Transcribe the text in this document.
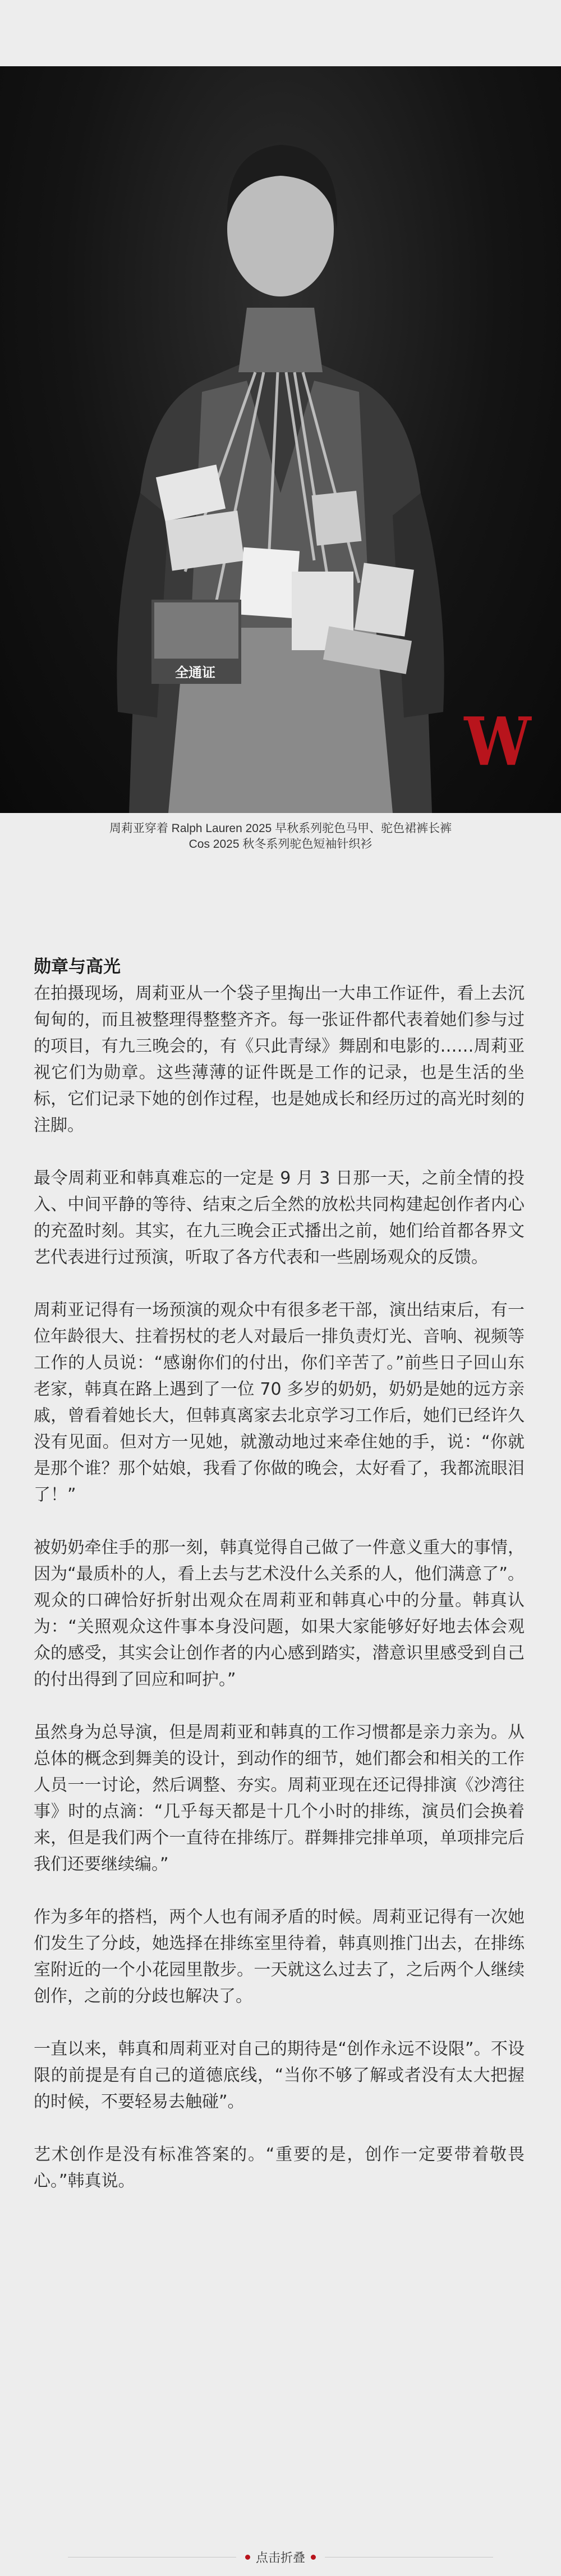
全通证
W
周莉亚穿着 Ralph Lauren 2025 早秋系列驼色马甲、驼色裙裤长裤
Cos 2025 秋冬系列驼色短袖针织衫
勋章与高光

在拍摄现场，周莉亚从一个袋子里掏出一大串工作证件，看上去沉甸甸的，而且被整理得整整齐齐。每一张证件都代表着她们参与过的项目，有九三晚会的，有《只此青绿》舞剧和电影的……周莉亚视它们为勋章。这些薄薄的证件既是工作的记录，也是生活的坐标，它们记录下她的创作过程，也是她成长和经历过的高光时刻的注脚。

最令周莉亚和韩真难忘的一定是 9 月 3 日那一天，之前全情的投入、中间平静的等待、结束之后全然的放松共同构建起创作者内心的充盈时刻。其实，在九三晚会正式播出之前，她们给首都各界文艺代表进行过预演，听取了各方代表和一些剧场观众的反馈。

周莉亚记得有一场预演的观众中有很多老干部，演出结束后，有一位年龄很大、拄着拐杖的老人对最后一排负责灯光、音响、视频等工作的人员说：“感谢你们的付出，你们辛苦了。”前些日子回山东老家，韩真在路上遇到了一位 70 多岁的奶奶，奶奶是她的远方亲戚，曾看着她长大，但韩真离家去北京学习工作后，她们已经许久没有见面。但对方一见她，就激动地过来牵住她的手，说：“你就是那个谁？那个姑娘，我看了你做的晚会，太好看了，我都流眼泪了！”

被奶奶牵住手的那一刻，韩真觉得自己做了一件意义重大的事情，因为“最质朴的人，看上去与艺术没什么关系的人，他们满意了”。观众的口碑恰好折射出观众在周莉亚和韩真心中的分量。韩真认为：“关照观众这件事本身没问题，如果大家能够好好地去体会观众的感受，其实会让创作者的内心感到踏实，潜意识里感受到自己的付出得到了回应和呵护。”

虽然身为总导演，但是周莉亚和韩真的工作习惯都是亲力亲为。从总体的概念到舞美的设计，到动作的细节，她们都会和相关的工作人员一一讨论，然后调整、夯实。周莉亚现在还记得排演《沙湾往事》时的点滴：“几乎每天都是十几个小时的排练，演员们会换着来，但是我们两个一直待在排练厅。群舞排完排单项，单项排完后我们还要继续编。”

作为多年的搭档，两个人也有闹矛盾的时候。周莉亚记得有一次她们发生了分歧，她选择在排练室里待着，韩真则推门出去，在排练室附近的一个小花园里散步。一天就这么过去了，之后两个人继续创作，之前的分歧也解决了。

一直以来，韩真和周莉亚对自己的期待是“创作永远不设限”。不设限的前提是有自己的道德底线，“当你不够了解或者没有太大把握的时候，不要轻易去触碰”。

艺术创作是没有标准答案的。“重要的是，创作一定要带着敬畏心。”韩真说。

点击折叠
